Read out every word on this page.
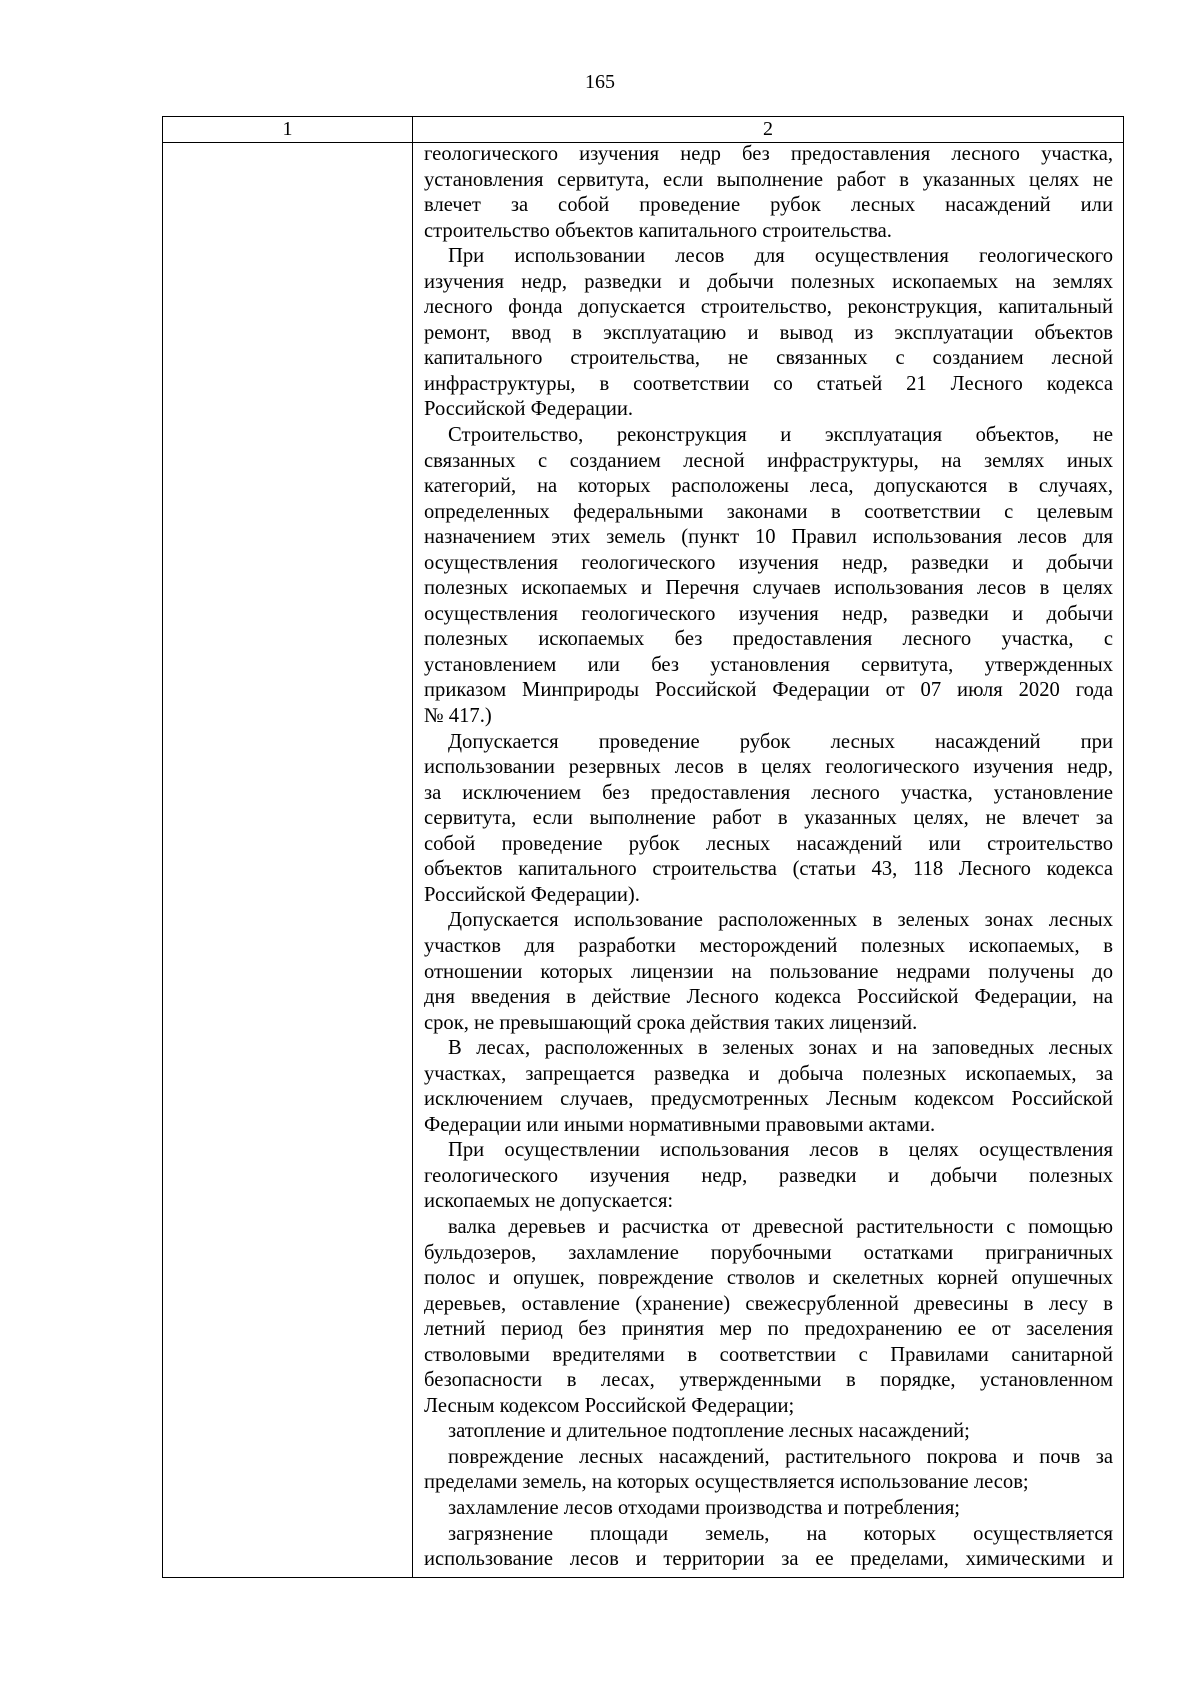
165
1	2
геологического изучения недр без предоставления лесного участка,
установления сервитута, если выполнение работ в указанных целях не
влечет за собой проведение рубок лесных насаждений или
строительство объектов капитального строительства.
При использовании лесов для осуществления геологического
изучения недр, разведки и добычи полезных ископаемых на землях
лесного фонда допускается строительство, реконструкция, капитальный
ремонт, ввод в эксплуатацию и вывод из эксплуатации объектов
капитального строительства, не связанных с созданием лесной
инфраструктуры, в соответствии со статьей 21 Лесного кодекса
Российской Федерации.
Строительство, реконструкция и эксплуатация объектов, не
связанных с созданием лесной инфраструктуры, на землях иных
категорий, на которых расположены леса, допускаются в случаях,
определенных федеральными законами в соответствии с целевым
назначением этих земель (пункт 10 Правил использования лесов для
осуществления геологического изучения недр, разведки и добычи
полезных ископаемых и Перечня случаев использования лесов в целях
осуществления геологического изучения недр, разведки и добычи
полезных ископаемых без предоставления лесного участка, с
установлением или без установления сервитута, утвержденных
приказом Минприроды Российской Федерации от 07 июля 2020 года
№ 417.)
Допускается проведение рубок лесных насаждений при
использовании резервных лесов в целях геологического изучения недр,
за исключением без предоставления лесного участка, установление
сервитута, если выполнение работ в указанных целях, не влечет за
собой проведение рубок лесных насаждений или строительство
объектов капитального строительства (статьи 43, 118 Лесного кодекса
Российской Федерации).
Допускается использование расположенных в зеленых зонах лесных
участков для разработки месторождений полезных ископаемых, в
отношении которых лицензии на пользование недрами получены до
дня введения в действие Лесного кодекса Российской Федерации, на
срок, не превышающий срока действия таких лицензий.
В лесах, расположенных в зеленых зонах и на заповедных лесных
участках, запрещается разведка и добыча полезных ископаемых, за
исключением случаев, предусмотренных Лесным кодексом Российской
Федерации или иными нормативными правовыми актами.
При осуществлении использования лесов в целях осуществления
геологического изучения недр, разведки и добычи полезных
ископаемых не допускается:
валка деревьев и расчистка от древесной растительности с помощью
бульдозеров, захламление порубочными остатками приграничных
полос и опушек, повреждение стволов и скелетных корней опушечных
деревьев, оставление (хранение) свежесрубленной древесины в лесу в
летний период без принятия мер по предохранению ее от заселения
стволовыми вредителями в соответствии с Правилами санитарной
безопасности в лесах, утвержденными в порядке, установленном
Лесным кодексом Российской Федерации;
затопление и длительное подтопление лесных насаждений;
повреждение лесных насаждений, растительного покрова и почв за
пределами земель, на которых осуществляется использование лесов;
захламление лесов отходами производства и потребления;
загрязнение площади земель, на которых осуществляется
использование лесов и территории за ее пределами, химическими и
